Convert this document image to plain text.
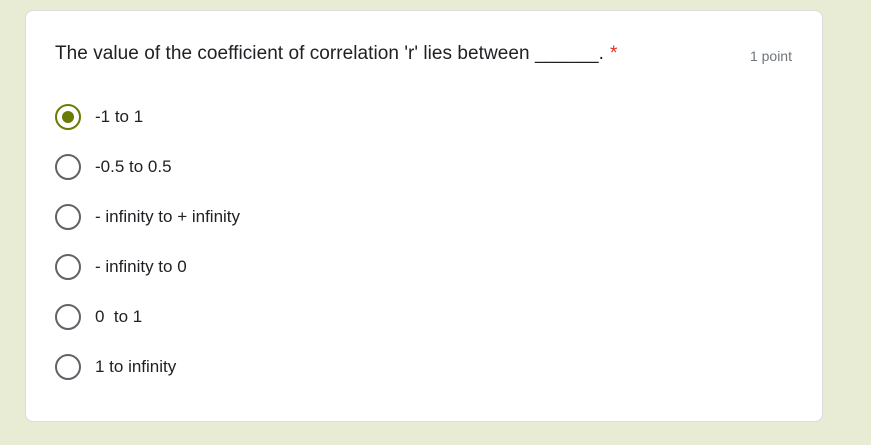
The value of the coefficient of correlation 'r' lies between ______. *	1 point
-1 to 1
-0.5 to 0.5
- infinity to + infinity
- infinity to 0
0  to 1
1 to infinity
